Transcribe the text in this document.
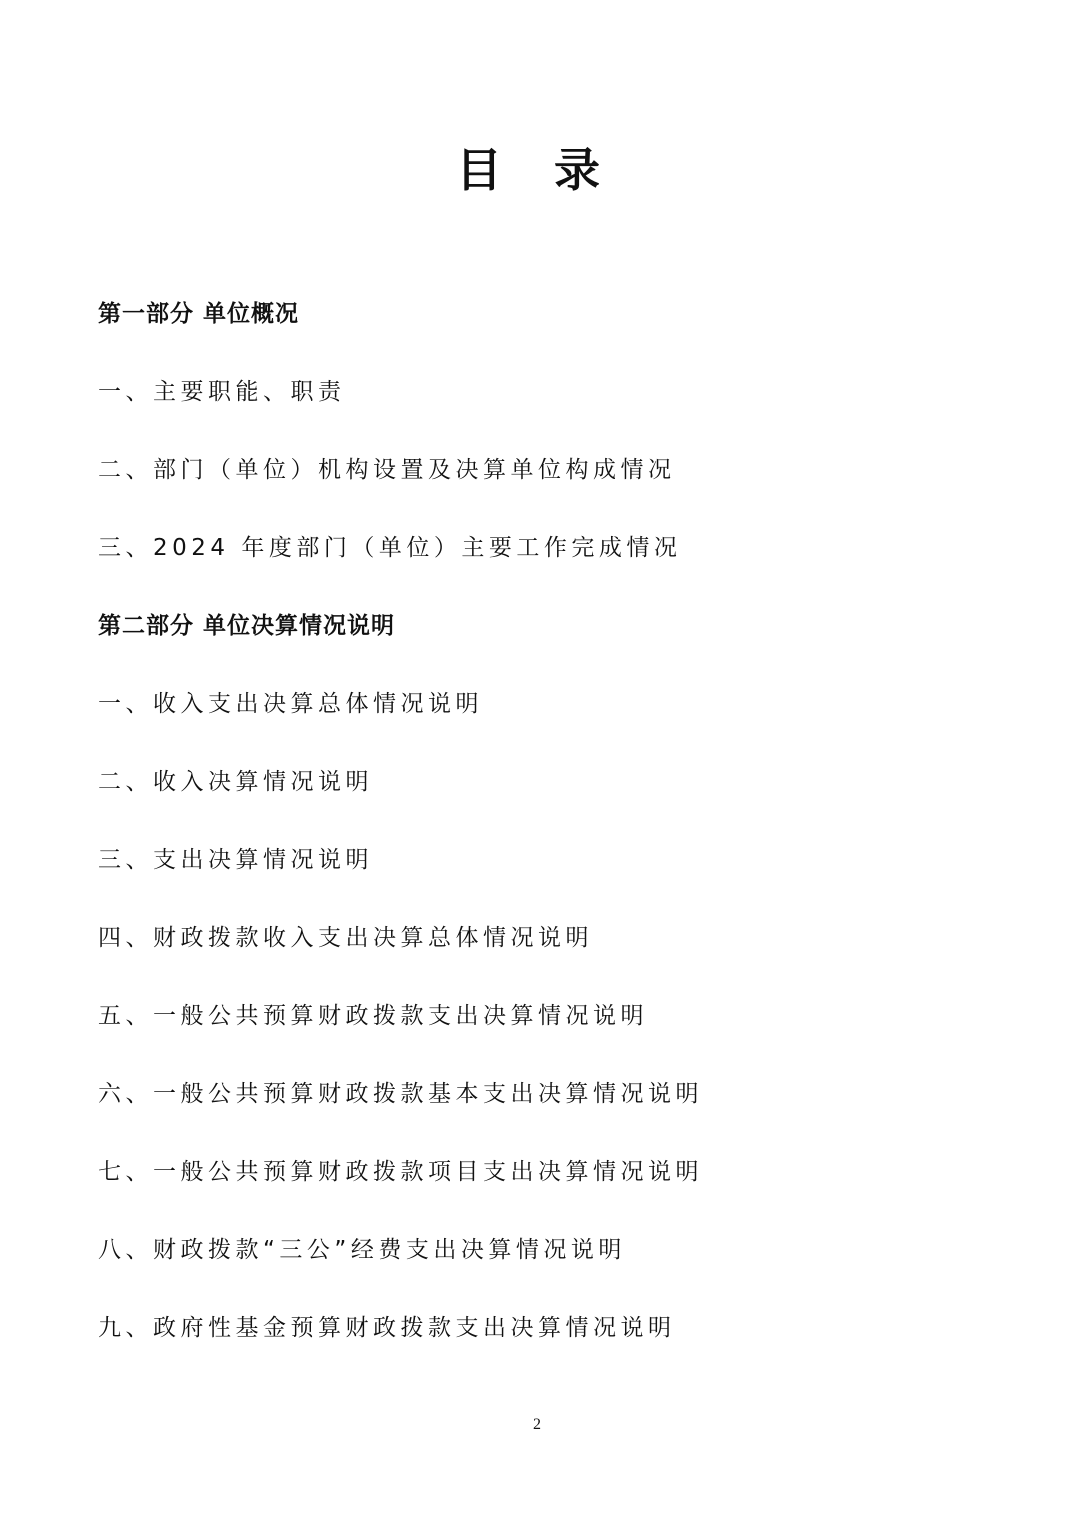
目 录
第一部分 单位概况
一、主要职能、职责
二、部门（单位）机构设置及决算单位构成情况
三、2024 年度部门（单位）主要工作完成情况
第二部分 单位决算情况说明
一、收入支出决算总体情况说明
二、收入决算情况说明
三、支出决算情况说明
四、财政拨款收入支出决算总体情况说明
五、一般公共预算财政拨款支出决算情况说明
六、一般公共预算财政拨款基本支出决算情况说明
七、一般公共预算财政拨款项目支出决算情况说明
八、财政拨款“三公”经费支出决算情况说明
九、政府性基金预算财政拨款支出决算情况说明
2
